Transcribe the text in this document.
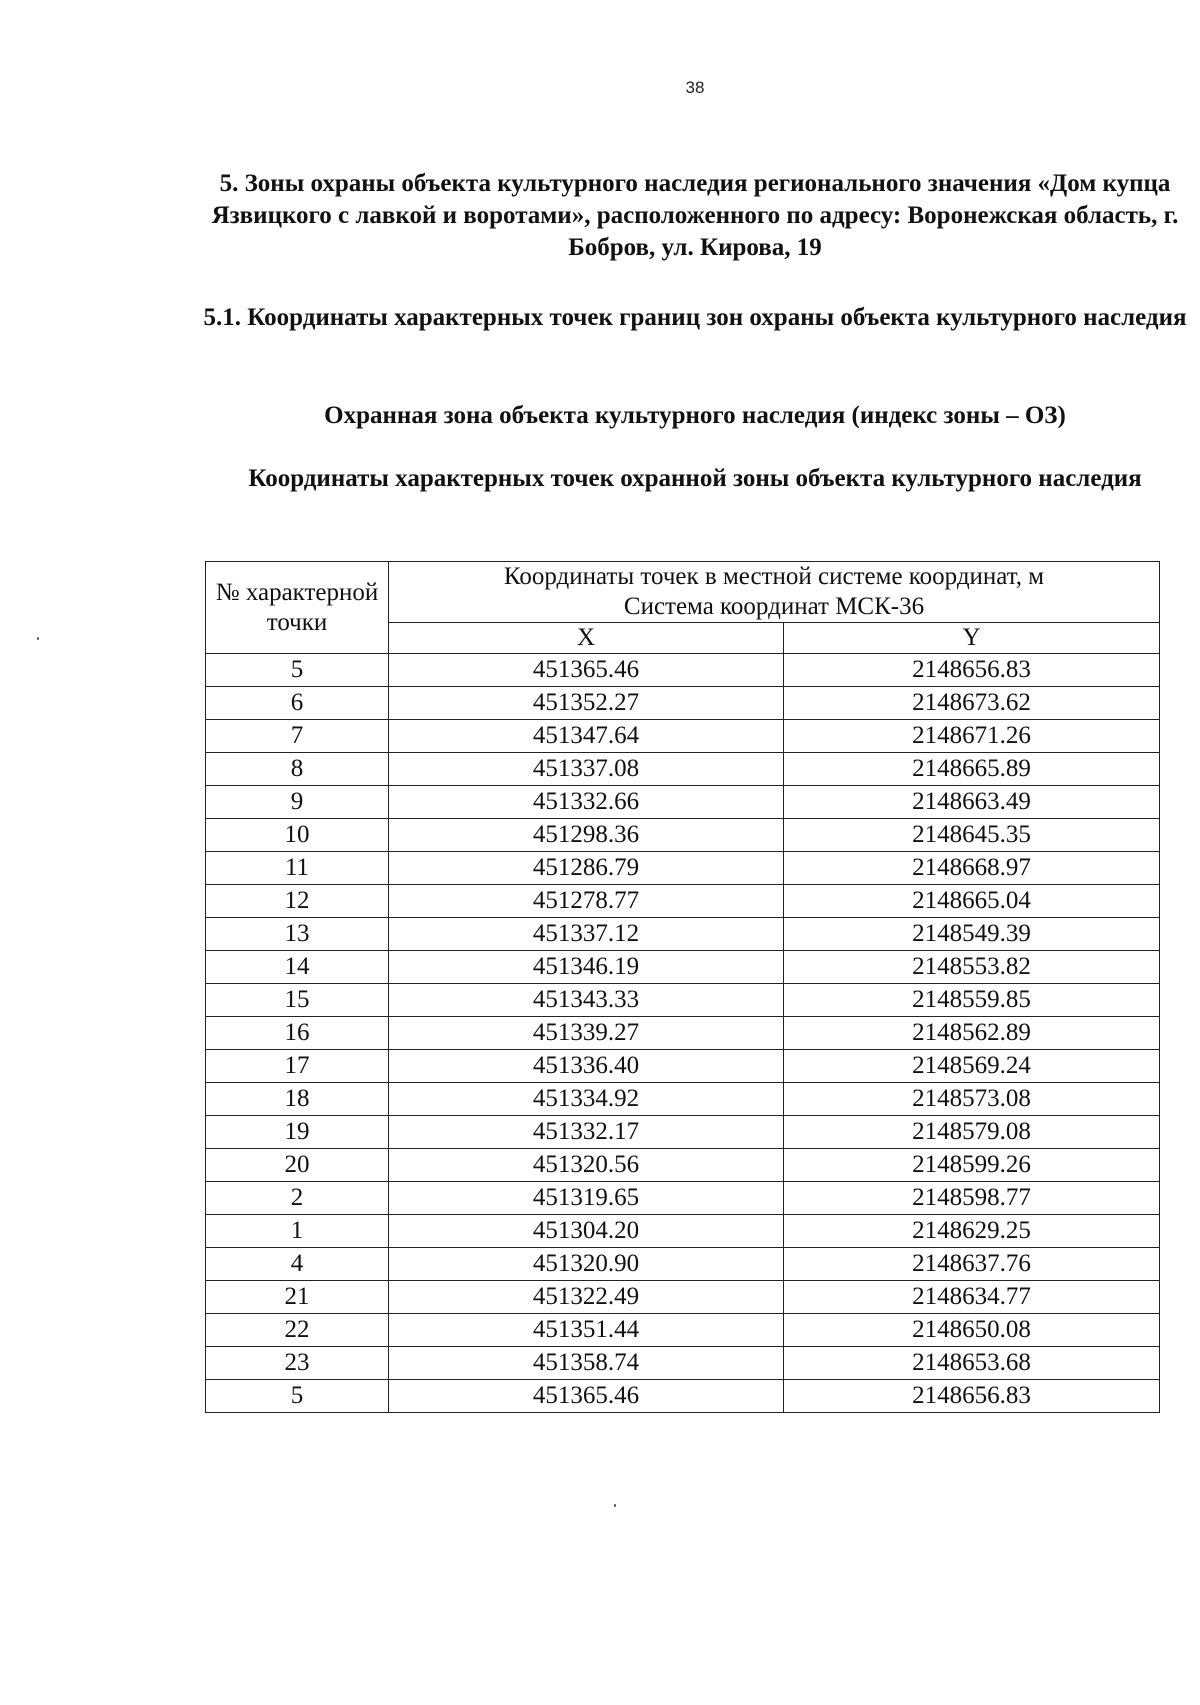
38
5. Зоны охраны объекта культурного наследия регионального значения «Дом купца Язвицкого с лавкой и воротами», расположенного по адресу: Воронежская область, г. Бобров, ул. Кирова, 19
5.1. Координаты характерных точек границ зон охраны объекта культурного наследия
Охранная зона объекта культурного наследия (индекс зоны – ОЗ)
Координаты характерных точек охранной зоны объекта культурного наследия
№ характерной точки	Координаты точек в местной системе координат, м
Система координат МСК-36	

	X	Y
5	451365.46	2148656.83
6	451352.27	2148673.62
7	451347.64	2148671.26
8	451337.08	2148665.89
9	451332.66	2148663.49
10	451298.36	2148645.35
11	451286.79	2148668.97
12	451278.77	2148665.04
13	451337.12	2148549.39
14	451346.19	2148553.82
15	451343.33	2148559.85
16	451339.27	2148562.89
17	451336.40	2148569.24
18	451334.92	2148573.08
19	451332.17	2148579.08
20	451320.56	2148599.26
2	451319.65	2148598.77
1	451304.20	2148629.25
4	451320.90	2148637.76
21	451322.49	2148634.77
22	451351.44	2148650.08
23	451358.74	2148653.68
5	451365.46	2148656.83
